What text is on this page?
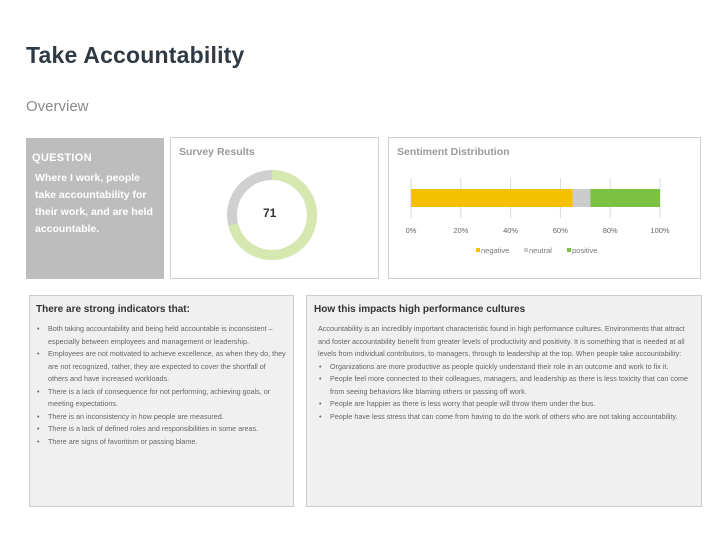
Take Accountability
Overview
QUESTION
Where I work, people take accountability for their work, and are held accountable.
Survey Results
71
Sentiment Distribution
0%	20%	40%	60%	80%	100%
negative	neutral	positive
There are strong indicators that:
• Both taking accountability and being held accountable is inconsistent – especially between employees and management or leadership.
• Employees are not motivated to achieve excellence, as when they do, they are not recognized, rather, they are expected to cover the shortfall of others and have increased workloads.
• There is a lack of consequence for not performing, achieving goals, or meeting expectations.
• There is an inconsistency in how people are measured.
• There is a lack of defined roles and responsibilities in some areas.
• There are signs of favoritism or passing blame.
How this impacts high performance cultures
Accountability is an incredibly important characteristic found in high performance cultures. Environments that attract and foster accountability benefit from greater levels of productivity and positivity. It is something that is needed at all levels from individual contributors, to managers, through to leadership at the top. When people take accountability:
• Organizations are more productive as people quickly understand their role in an outcome and work to fix it.
• People feel more connected to their colleagues, managers, and leadership as there is less toxicity that can come from seeing behaviors like blaming others or passing off work.
• People are happier as there is less worry that people will throw them under the bus.
• People have less stress that can come from having to do the work of others who are not taking accountability.
